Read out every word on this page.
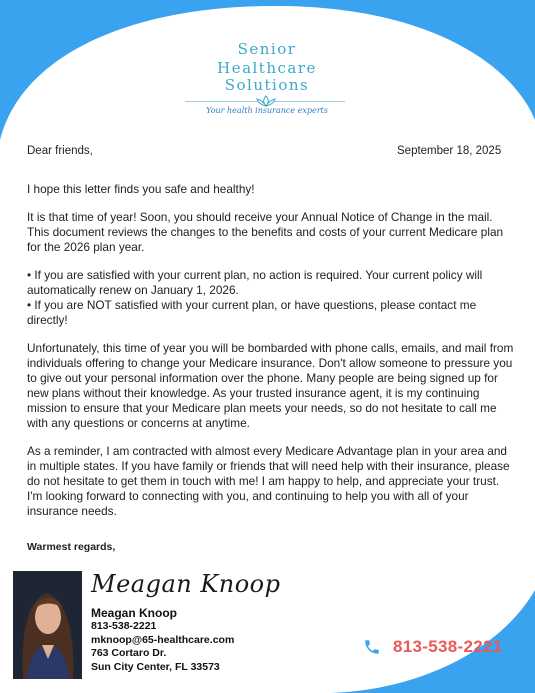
Senior
Healthcare
Solutions
Your health insurance experts
Dear friends,	September 18, 2025

I hope this letter finds you safe and healthy!

It is that time of year! Soon, you should receive your Annual Notice of Change in the mail. This document reviews the changes to the benefits and costs of your current Medicare plan for the 2026 plan year.

• If you are satisfied with your current plan, no action is required. Your current policy will automatically renew on January 1, 2026.

• If you are NOT satisfied with your current plan, or have questions, please contact me directly!

Unfortunately, this time of year you will be bombarded with phone calls, emails, and mail from individuals offering to change your Medicare insurance. Don't allow someone to pressure you to give out your personal information over the phone. Many people are being signed up for new plans without their knowledge. As your trusted insurance agent, it is my continuing mission to ensure that your Medicare plan meets your needs, so do not hesitate to call me with any questions or concerns at anytime.

As a reminder, I am contracted with almost every Medicare Advantage plan in your area and in multiple states. If you have family or friends that will need help with their insurance, please do not hesitate to get them in touch with me! I am happy to help, and appreciate your trust. I'm looking forward to connecting with you, and continuing to help you with all of your insurance needs.

Warmest regards,
Meagan Knoop
Meagan Knoop
813-538-2221
mknoop@65-healthcare.com
763 Cortaro Dr.
Sun City Center, FL 33573
813-538-2221
